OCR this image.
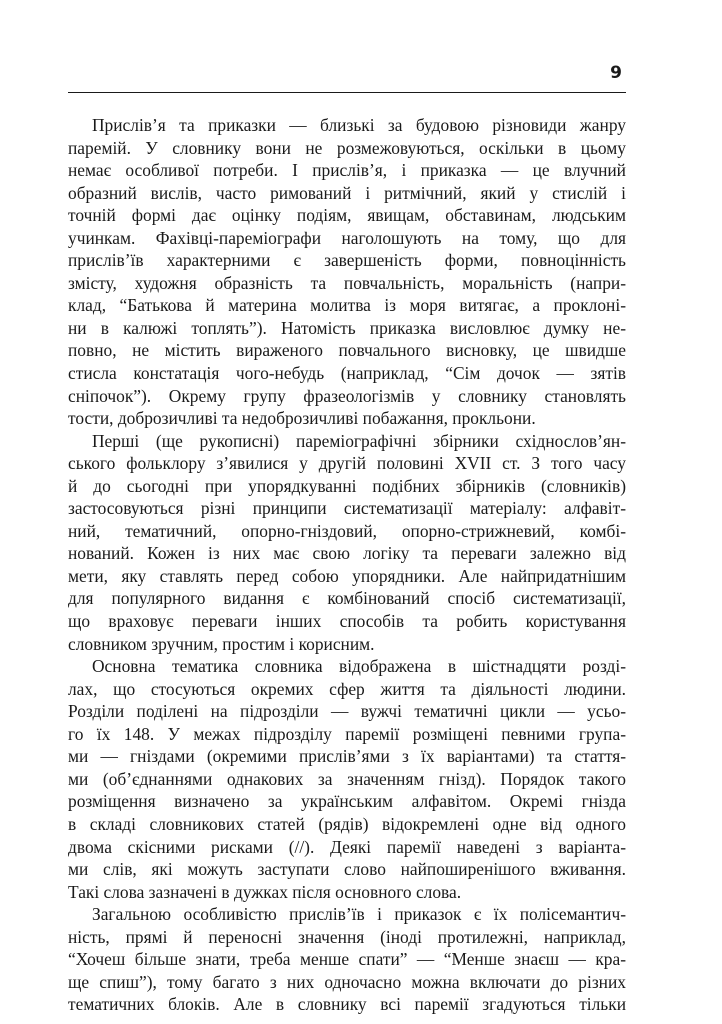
9
Прислів’я та приказки — близькі за будовою різновиди жанру
паремій. У словнику вони не розмежовуються, оскільки в цьому
немає особливої потреби. І прислів’я, і приказка — це влучний
образний вислів, часто римований і ритмічний, який у стислій і
точній формі дає оцінку подіям, явищам, обставинам, людським
учинкам. Фахівці-пареміографи наголошують на тому, що для
прислів’їв характерними є завершеність форми, повноцінність
змісту, художня образність та повчальність, моральність (напри-
клад, “Батькова й материна молитва із моря витягає, а проклоні-
ни в калюжі топлять”). Натомість приказка висловлює думку не-
повно, не містить вираженого повчального висновку, це швидше
стисла констатація чого-небудь (наприклад, “Сім дочок — зятів
сніпочок”). Окрему групу фразеологізмів у словнику становлять
тости, доброзичливі та недоброзичливі побажання, прокльони.
Перші (ще рукописні) пареміографічні збірники східнослов’ян-
ського фольклору з’явилися у другій половині XVII ст. З того часу
й до сьогодні при упорядкуванні подібних збірників (словників)
застосовуються різні принципи систематизації матеріалу: алфавіт-
ний, тематичний, опорно-гніздовий, опорно-стрижневий, комбі-
нований. Кожен із них має свою логіку та переваги залежно від
мети, яку ставлять перед собою упорядники. Але найпридатнішим
для популярного видання є комбінований спосіб систематизації,
що враховує переваги інших способів та робить користування
словником зручним, простим і корисним.
Основна тематика словника відображена в шістнадцяти розді-
лах, що стосуються окремих сфер життя та діяльності людини.
Розділи поділені на підрозділи — вужчі тематичні цикли — усьо-
го їх 148. У межах підрозділу паремії розміщені певними група-
ми — гніздами (окремими прислів’ями з їх варіантами) та стаття-
ми (об’єднаннями однакових за значенням гнізд). Порядок такого
розміщення визначено за українським алфавітом. Окремі гнізда
в складі словникових статей (рядів) відокремлені одне від одного
двома скісними рисками (//). Деякі паремії наведені з варіанта-
ми слів, які можуть заступати слово найпоширенішого вживання.
Такі слова зазначені в дужках після основного слова.
Загальною особливістю прислів’їв і приказок є їх полісемантич-
ність, прямі й переносні значення (іноді протилежні, наприклад,
“Хочеш більше знати, треба менше спати” — “Менше знаєш — кра-
ще спиш”), тому багато з них одночасно можна включати до різних
тематичних блоків. Але в словнику всі паремії згадуються тільки
